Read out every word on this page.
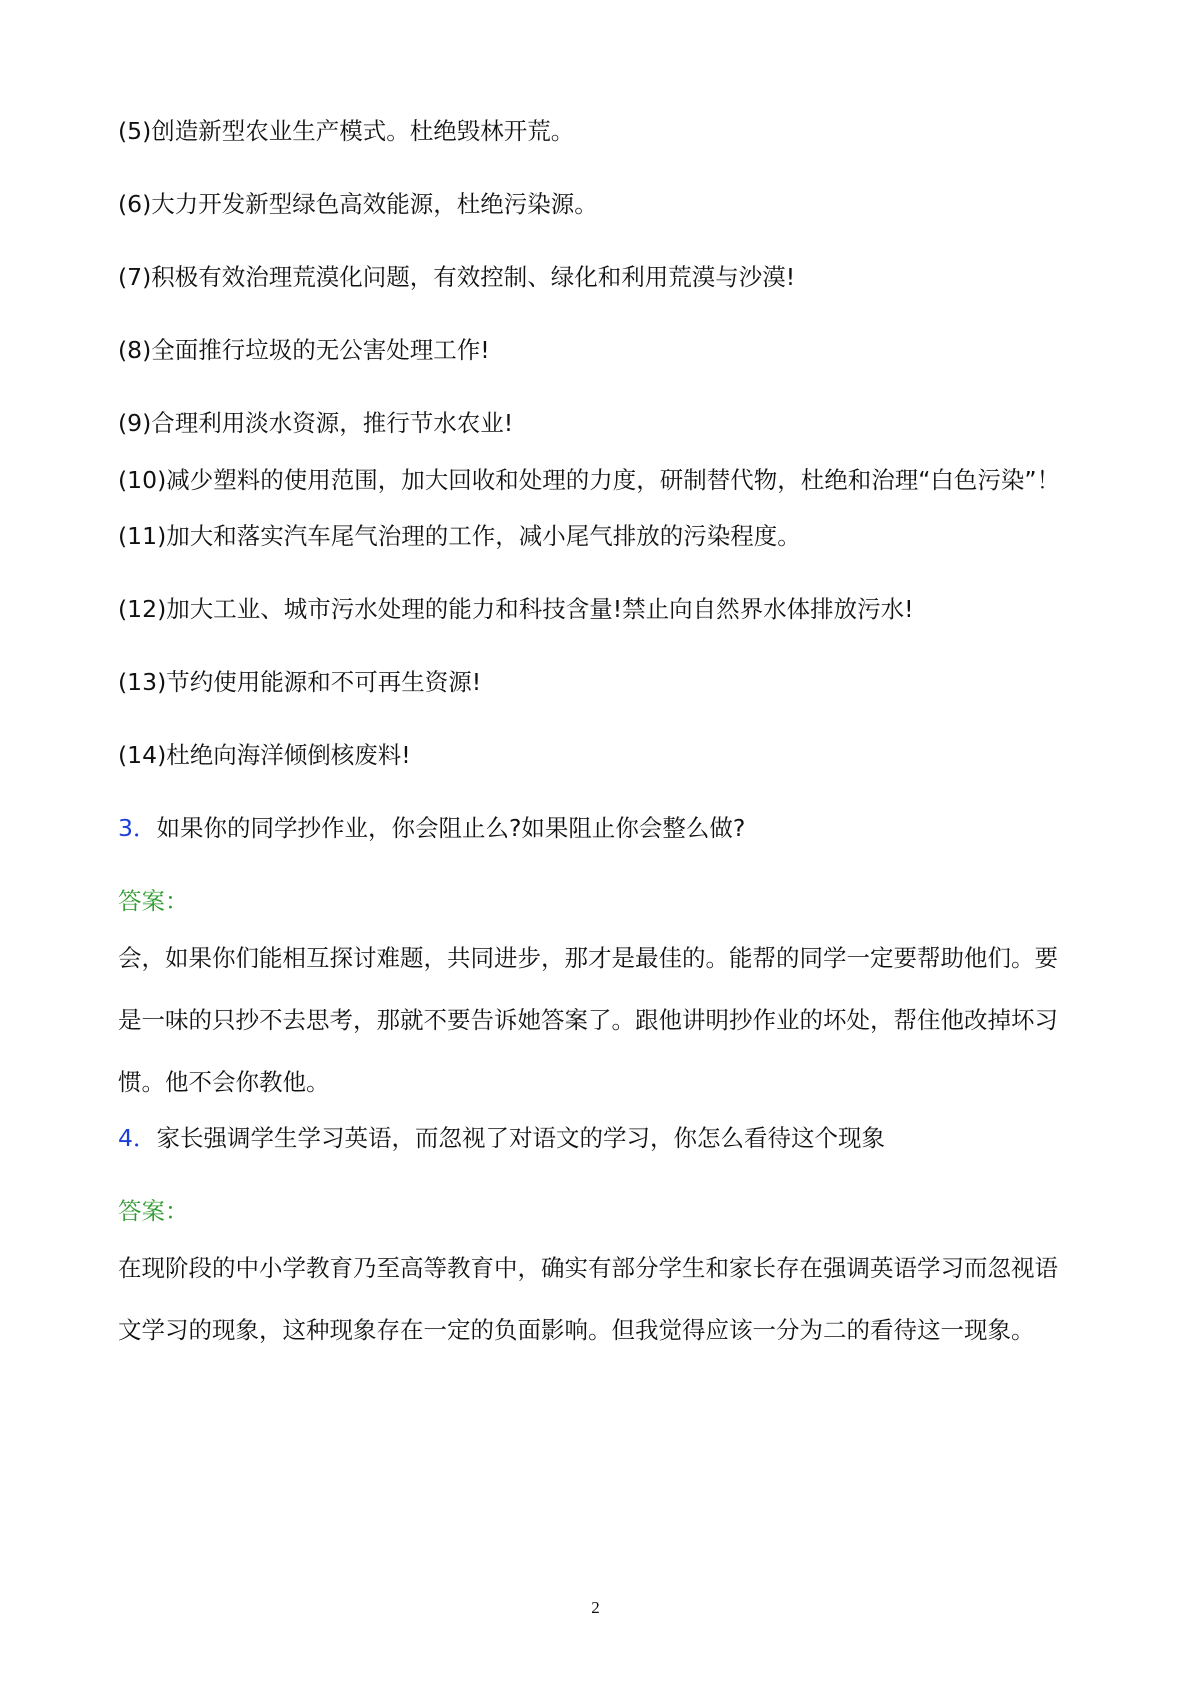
(5)创造新型农业生产模式。杜绝毁林开荒。

(6)大力开发新型绿色高效能源，杜绝污染源。

(7)积极有效治理荒漠化问题，有效控制、绿化和利用荒漠与沙漠!

(8)全面推行垃圾的无公害处理工作!

(9)合理利用淡水资源，推行节水农业!

(10)减少塑料的使用范围，加大回收和处理的力度，研制替代物，杜绝和治理“白色污染”！

(11)加大和落实汽车尾气治理的工作，减小尾气排放的污染程度。

(12)加大工业、城市污水处理的能力和科技含量!禁止向自然界水体排放污水!

(13)节约使用能源和不可再生资源!

(14)杜绝向海洋倾倒核废料!

3．如果你的同学抄作业，你会阻止么?如果阻止你会整么做?

答案：

会，如果你们能相互探讨难题，共同进步，那才是最佳的。能帮的同学一定要帮助他们。要是一味的只抄不去思考，那就不要告诉她答案了。跟他讲明抄作业的坏处，帮住他改掉坏习惯。他不会你教他。

4．家长强调学生学习英语，而忽视了对语文的学习，你怎么看待这个现象

答案：

在现阶段的中小学教育乃至高等教育中，确实有部分学生和家长存在强调英语学习而忽视语文学习的现象，这种现象存在一定的负面影响。但我觉得应该一分为二的看待这一现象。

2
